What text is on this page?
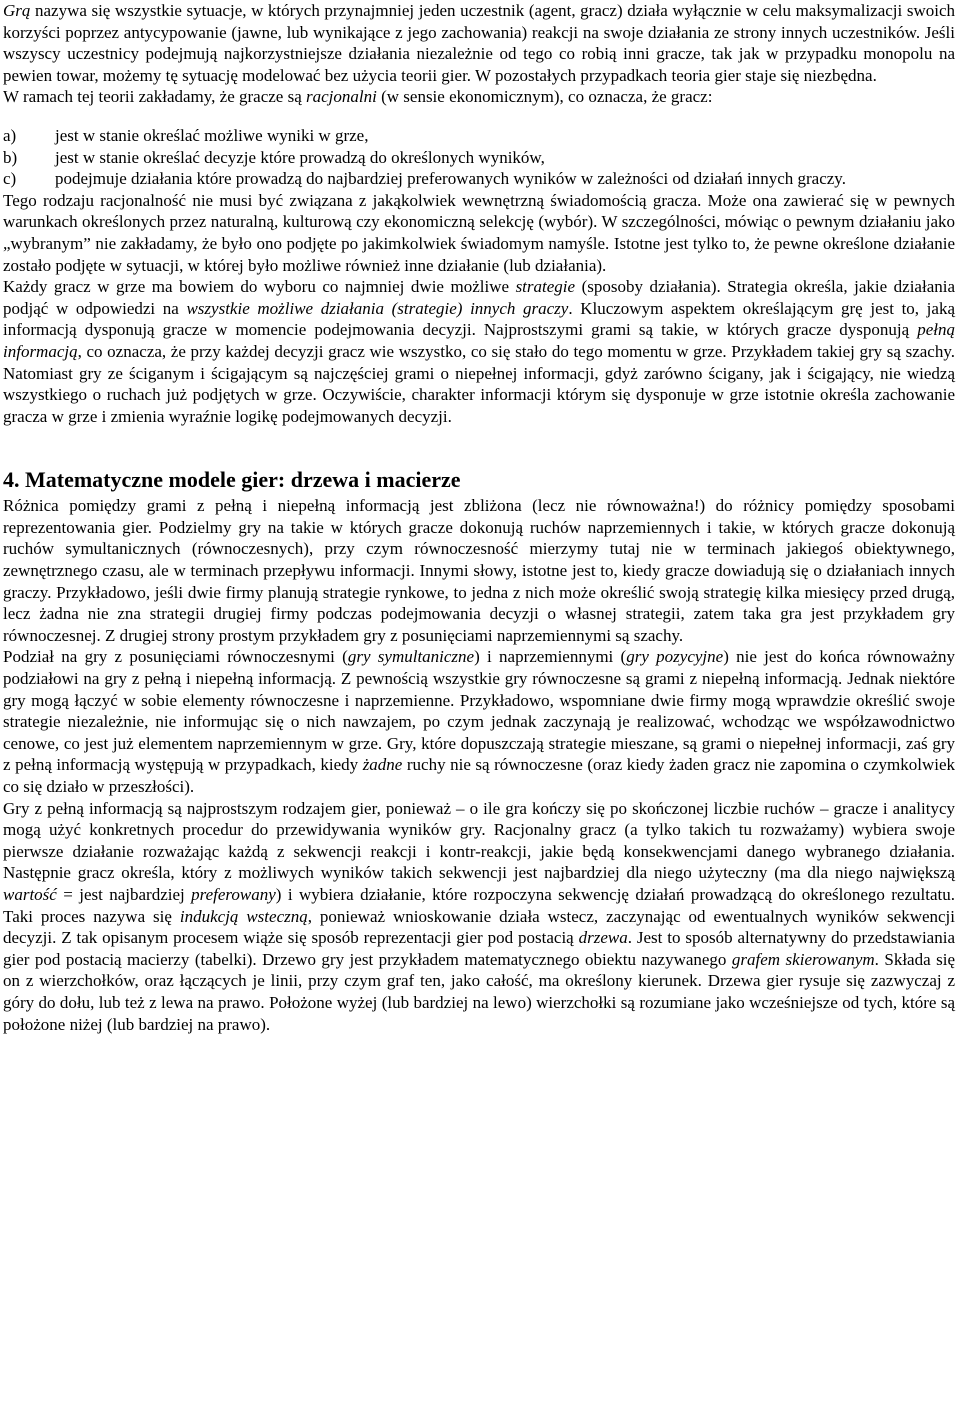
Grą nazywa się wszystkie sytuacje, w których przynajmniej jeden uczestnik (agent, gracz) działa wyłącznie w celu maksymalizacji swoich korzyści poprzez antycypowanie (jawne, lub wynikające z jego zachowania) reakcji na swoje działania ze strony innych uczestników. Jeśli wszyscy uczestnicy podejmują najkorzystniejsze działania niezależnie od tego co robią inni gracze, tak jak w przypadku monopolu na pewien towar, możemy tę sytuację modelować bez użycia teorii gier. W pozostałych przypadkach teoria gier staje się niezbędna.

W ramach tej teorii zakładamy, że gracze są racjonalni (w sensie ekonomicznym), co oznacza, że gracz:

a)	jest w stanie określać możliwe wyniki w grze,
b)	jest w stanie określać decyzje które prowadzą do określonych wyników,
c)	podejmuje działania które prowadzą do najbardziej preferowanych wyników w zależności od działań innych graczy.

Tego rodzaju racjonalność nie musi być związana z jakąkolwiek wewnętrzną świadomością gracza. Może ona zawierać się w pewnych warunkach określonych przez naturalną, kulturową czy ekonomiczną selekcję (wybór). W szczególności, mówiąc o pewnym działaniu jako „wybranym” nie zakładamy, że było ono podjęte po jakimkolwiek świadomym namyśle. Istotne jest tylko to, że pewne określone działanie zostało podjęte w sytuacji, w której było możliwe również inne działanie (lub działania).

Każdy gracz w grze ma bowiem do wyboru co najmniej dwie możliwe strategie (sposoby działania). Strategia określa, jakie działania podjąć w odpowiedzi na wszystkie możliwe działania (strategie) innych graczy. Kluczowym aspektem określającym grę jest to, jaką informacją dysponują gracze w momencie podejmowania decyzji. Najprostszymi grami są takie, w których gracze dysponują pełną informacją, co oznacza, że przy każdej decyzji gracz wie wszystko, co się stało do tego momentu w grze. Przykładem takiej gry są szachy. Natomiast gry ze ściganym i ścigającym są najczęściej grami o niepełnej informacji, gdyż zarówno ścigany, jak i ścigający, nie wiedzą wszystkiego o ruchach już podjętych w grze. Oczywiście, charakter informacji którym się dysponuje w grze istotnie określa zachowanie gracza w grze i zmienia wyraźnie logikę podejmowanych decyzji.

4. Matematyczne modele gier: drzewa i macierze

Różnica pomiędzy grami z pełną i niepełną informacją jest zbliżona (lecz nie równoważna!) do różnicy pomiędzy sposobami reprezentowania gier. Podzielmy gry na takie w których gracze dokonują ruchów naprzemiennych i takie, w których gracze dokonują ruchów symultanicznych (równoczesnych), przy czym równoczesność mierzymy tutaj nie w terminach jakiegoś obiektywnego, zewnętrznego czasu, ale w terminach przepływu informacji. Innymi słowy, istotne jest to, kiedy gracze dowiadują się o działaniach innych graczy. Przykładowo, jeśli dwie firmy planują strategie rynkowe, to jedna z nich może określić swoją strategię kilka miesięcy przed drugą, lecz żadna nie zna strategii drugiej firmy podczas podejmowania decyzji o własnej strategii, zatem taka gra jest przykładem gry równoczesnej. Z drugiej strony prostym przykładem gry z posunięciami naprzemiennymi są szachy.

Podział na gry z posunięciami równoczesnymi (gry symultaniczne) i naprzemiennymi (gry pozycyjne) nie jest do końca równoważny podziałowi na gry z pełną i niepełną informacją. Z pewnością wszystkie gry równoczesne są grami z niepełną informacją. Jednak niektóre gry mogą łączyć w sobie elementy równoczesne i naprzemienne. Przykładowo, wspomniane dwie firmy mogą wprawdzie określić swoje strategie niezależnie, nie informując się o nich nawzajem, po czym jednak zaczynają je realizować, wchodząc we współzawodnictwo cenowe, co jest już elementem naprzemiennym w grze. Gry, które dopuszczają strategie mieszane, są grami o niepełnej informacji, zaś gry z pełną informacją występują w przypadkach, kiedy żadne ruchy nie są równoczesne (oraz kiedy żaden gracz nie zapomina o czymkolwiek co się działo w przeszłości).

Gry z pełną informacją są najprostszym rodzajem gier, ponieważ – o ile gra kończy się po skończonej liczbie ruchów – gracze i analitycy mogą użyć konkretnych procedur do przewidywania wyników gry. Racjonalny gracz (a tylko takich tu rozważamy) wybiera swoje pierwsze działanie rozważając każdą z sekwencji reakcji i kontr-reakcji, jakie będą konsekwencjami danego wybranego działania. Następnie gracz określa, który z możliwych wyników takich sekwencji jest najbardziej dla niego użyteczny (ma dla niego największą wartość = jest najbardziej preferowany) i wybiera działanie, które rozpoczyna sekwencję działań prowadzącą do określonego rezultatu. Taki proces nazywa się indukcją wsteczną, ponieważ wnioskowanie działa wstecz, zaczynając od ewentualnych wyników sekwencji decyzji. Z tak opisanym procesem wiąże się sposób reprezentacji gier pod postacią drzewa. Jest to sposób alternatywny do przedstawiania gier pod postacią macierzy (tabelki). Drzewo gry jest przykładem matematycznego obiektu nazywanego grafem skierowanym. Składa się on z wierzchołków, oraz łączących je linii, przy czym graf ten, jako całość, ma określony kierunek. Drzewa gier rysuje się zazwyczaj z góry do dołu, lub też z lewa na prawo. Położone wyżej (lub bardziej na lewo) wierzchołki są rozumiane jako wcześniejsze od tych, które są położone niżej (lub bardziej na prawo).
